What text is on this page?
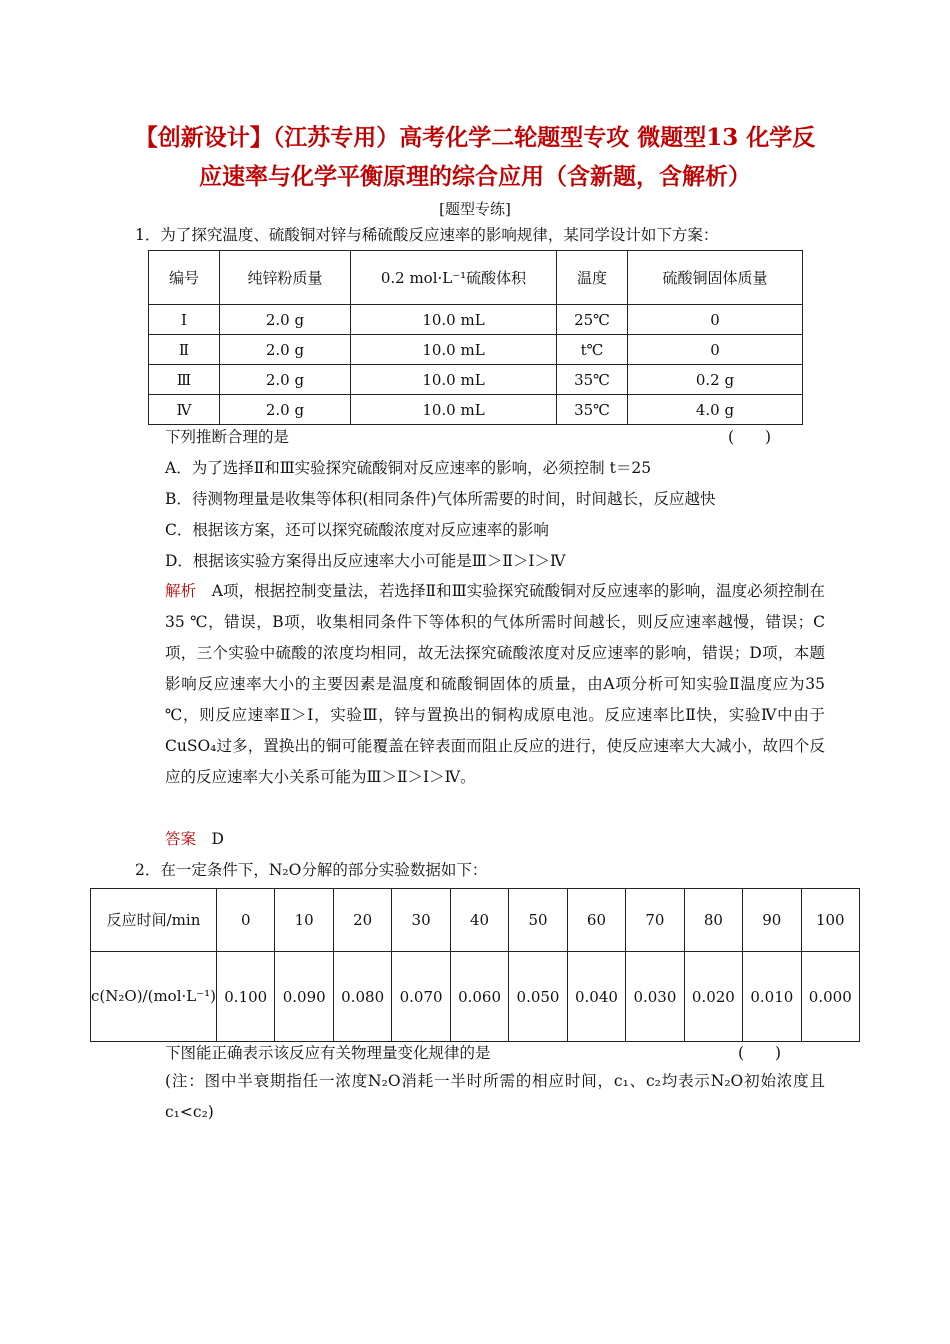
【创新设计】（江苏专用）高考化学二轮题型专攻 微题型13 化学反
应速率与化学平衡原理的综合应用（含新题，含解析）
[题型专练]
1．为了探究温度、硫酸铜对锌与稀硫酸反应速率的影响规律，某同学设计如下方案：
编号	纯锌粉质量	0.2 mol·L⁻¹硫酸体积	温度	硫酸铜固体质量
Ⅰ	2.0 g	10.0 mL	25℃	0
Ⅱ	2.0 g	10.0 mL	t℃	0
Ⅲ	2.0 g	10.0 mL	35℃	0.2 g
Ⅳ	2.0 g	10.0 mL	35℃	4.0 g
下列推断合理的是	(　　)
A．为了选择Ⅱ和Ⅲ实验探究硫酸铜对反应速率的影响，必须控制 t＝25
B．待测物理量是收集等体积(相同条件)气体所需要的时间，时间越长，反应越快
C．根据该方案，还可以探究硫酸浓度对反应速率的影响
D．根据该实验方案得出反应速率大小可能是Ⅲ＞Ⅱ＞Ⅰ＞Ⅳ
解析　 A项，根据控制变量法，若选择Ⅱ和Ⅲ实验探究硫酸铜对反应速率的影响，温度必须控制在35 ℃，错误，B项，收集相同条件下等体积的气体所需时间越长，则反应速率越慢，错误；C项，三个实验中硫酸的浓度均相同，故无法探究硫酸浓度对反应速率的影响，错误；D项，本题影响反应速率大小的主要因素是温度和硫酸铜固体的质量，由A项分析可知实验Ⅱ温度应为35 ℃，则反应速率Ⅱ＞Ⅰ，实验Ⅲ，锌与置换出的铜构成原电池。反应速率比Ⅱ快，实验Ⅳ中由于CuSO₄过多，置换出的铜可能覆盖在锌表面而阻止反应的进行，使反应速率大大减小，故四个反应的反应速率大小关系可能为Ⅲ＞Ⅱ＞Ⅰ＞Ⅳ。
答案　 D
2．在一定条件下，N₂O分解的部分实验数据如下：
反应时间/min	0	10	20	30	40	50	60	70	80	90	100
c(N₂O)/(mol·L⁻¹)	0.100	0.090	0.080	0.070	0.060	0.050	0.040	0.030	0.020	0.010	0.000
下图能正确表示该反应有关物理量变化规律的是	(　　)
(注：图中半衰期指任一浓度N₂O消耗一半时所需的相应时间，c₁、c₂均表示N₂O初始浓度且c₁<c₂)
